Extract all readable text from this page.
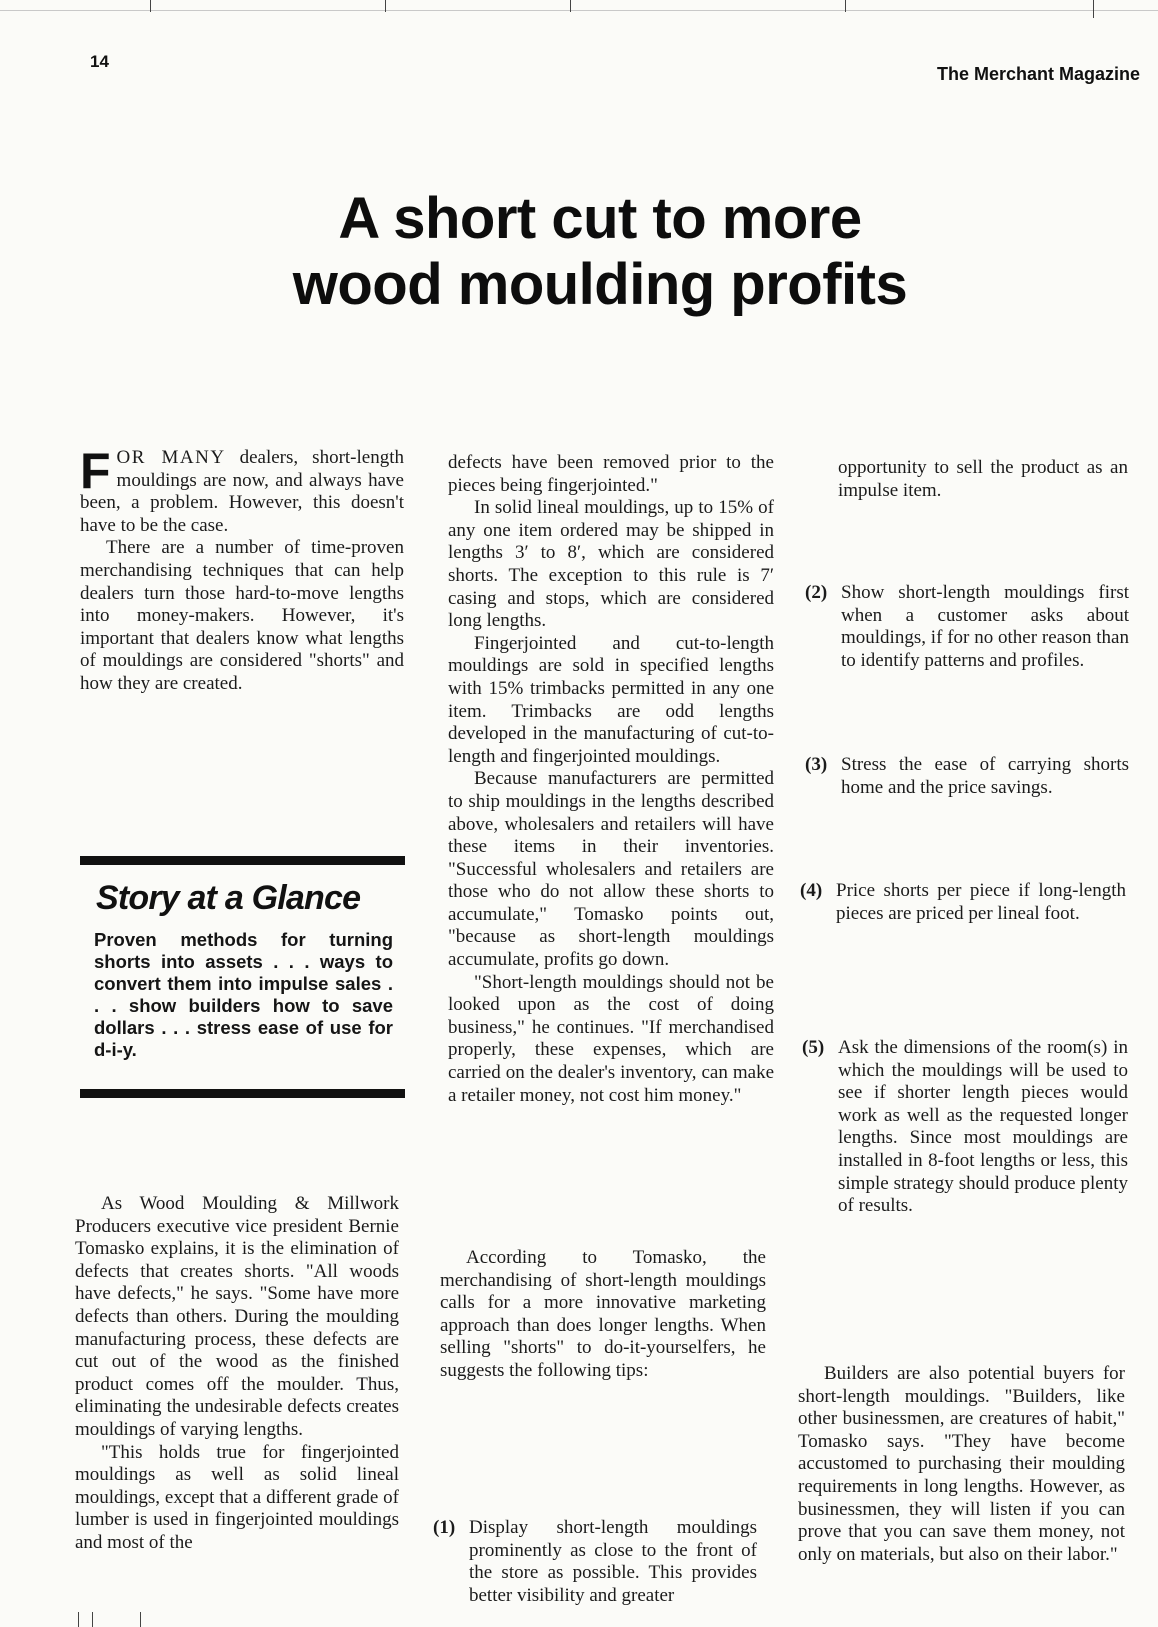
14
The Merchant Magazine
A short cut to more
wood moulding profits

FOR MANY dealers, short-length mouldings are now, and always have been, a problem. However, this doesn't have to be the case.

There are a number of time-proven merchandising techniques that can help dealers turn those hard-to-move lengths into money-makers. However, it's important that dealers know what lengths of mouldings are considered "shorts" and how they are created.

Story at a Glance

Proven methods for turning shorts into assets . . . ways to convert them into impulse sales . . . show builders how to save dollars . . . stress ease of use for d-i-y.

As Wood Moulding & Millwork Producers executive vice president Bernie Tomasko explains, it is the elimination of defects that creates shorts. "All woods have defects," he says. "Some have more defects than others. During the moulding manufacturing process, these defects are cut out of the wood as the finished product comes off the moulder. Thus, eliminating the undesirable defects creates mouldings of varying lengths.

"This holds true for fingerjointed mouldings as well as solid lineal mouldings, except that a different grade of lumber is used in fingerjointed mouldings and most of the

defects have been removed prior to the pieces being fingerjointed."

In solid lineal mouldings, up to 15% of any one item ordered may be shipped in lengths 3′ to 8′, which are considered shorts. The exception to this rule is 7′ casing and stops, which are considered long lengths.

Fingerjointed and cut-to-length mouldings are sold in specified lengths with 15% trimbacks permitted in any one item. Trimbacks are odd lengths developed in the manufacturing of cut-to-length and fingerjointed mouldings.

Because manufacturers are permitted to ship mouldings in the lengths described above, wholesalers and retailers will have these items in their inventories. "Successful wholesalers and retailers are those who do not allow these shorts to accumulate," Tomasko points out, "because as short-length mouldings accumulate, profits go down.

"Short-length mouldings should not be looked upon as the cost of doing business," he continues. "If merchandised properly, these expenses, which are carried on the dealer's inventory, can make a retailer money, not cost him money."

According to Tomasko, the merchandising of short-length mouldings calls for a more innovative marketing approach than does longer lengths. When selling "shorts" to do-it-yourselfers, he suggests the following tips:

(1) Display short-length mouldings prominently as close to the front of the store as possible. This provides better visibility and greater

opportunity to sell the product as an impulse item.

(2) Show short-length mouldings first when a customer asks about mouldings, if for no other reason than to identify patterns and profiles.

(3) Stress the ease of carrying shorts home and the price savings.

(4) Price shorts per piece if long-length pieces are priced per lineal foot.

(5) Ask the dimensions of the room(s) in which the mouldings will be used to see if shorter length pieces would work as well as the requested longer lengths. Since most mouldings are installed in 8-foot lengths or less, this simple strategy should produce plenty of results.

Builders are also potential buyers for short-length mouldings. "Builders, like other businessmen, are creatures of habit," Tomasko says. "They have become accustomed to purchasing their moulding requirements in long lengths. However, as businessmen, they will listen if you can prove that you can save them money, not only on materials, but also on their labor."
